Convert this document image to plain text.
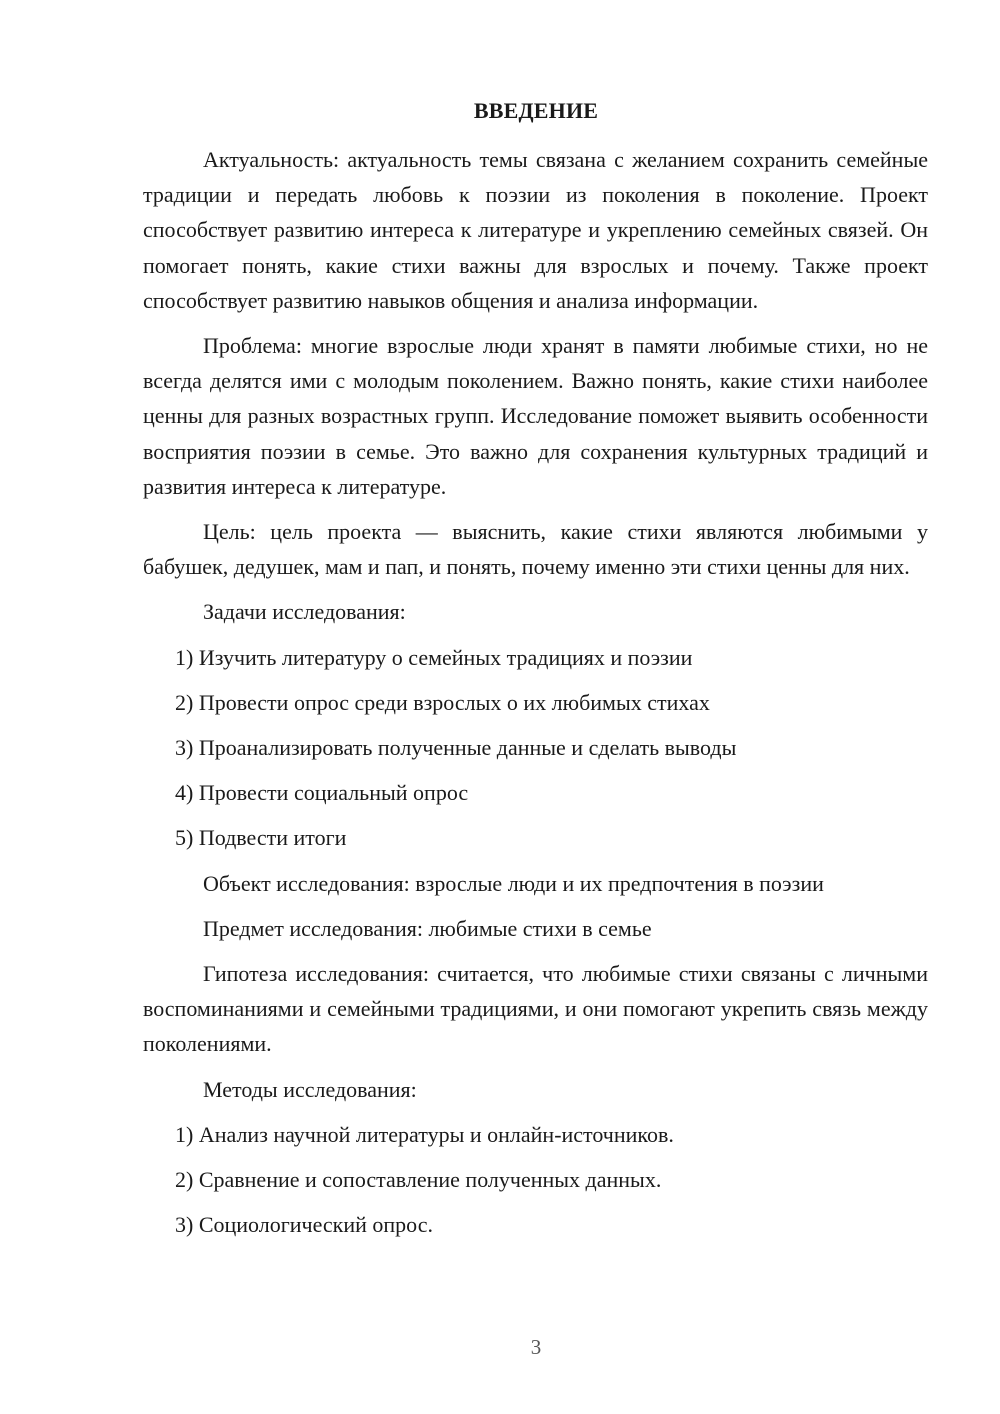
ВВЕДЕНИЕ

Актуальность: актуальность темы связана с желанием сохранить семейные традиции и передать любовь к поэзии из поколения в поколение. Проект способствует развитию интереса к литературе и укреплению семейных связей. Он помогает понять, какие стихи важны для взрослых и почему. Также проект способствует развитию навыков общения и анализа информации.

Проблема: многие взрослые люди хранят в памяти любимые стихи, но не всегда делятся ими с молодым поколением. Важно понять, какие стихи наиболее ценны для разных возрастных групп. Исследование поможет выявить особенности восприятия поэзии в семье. Это важно для сохранения культурных традиций и развития интереса к литературе.

Цель: цель проекта — выяснить, какие стихи являются любимыми у бабушек, дедушек, мам и пап, и понять, почему именно эти стихи ценны для них.

Задачи исследования:

1) Изучить литературу о семейных традициях и поэзии

2) Провести опрос среди взрослых о их любимых стихах

3) Проанализировать полученные данные и сделать выводы

4) Провести социальный опрос

5) Подвести итоги

Объект исследования: взрослые люди и их предпочтения в поэзии

Предмет исследования: любимые стихи в семье

Гипотеза исследования: считается, что любимые стихи связаны с личными воспоминаниями и семейными традициями, и они помогают укрепить связь между поколениями.

Методы исследования:

1) Анализ научной литературы и онлайн-источников.

2) Сравнение и сопоставление полученных данных.

3) Социологический опрос.

3
